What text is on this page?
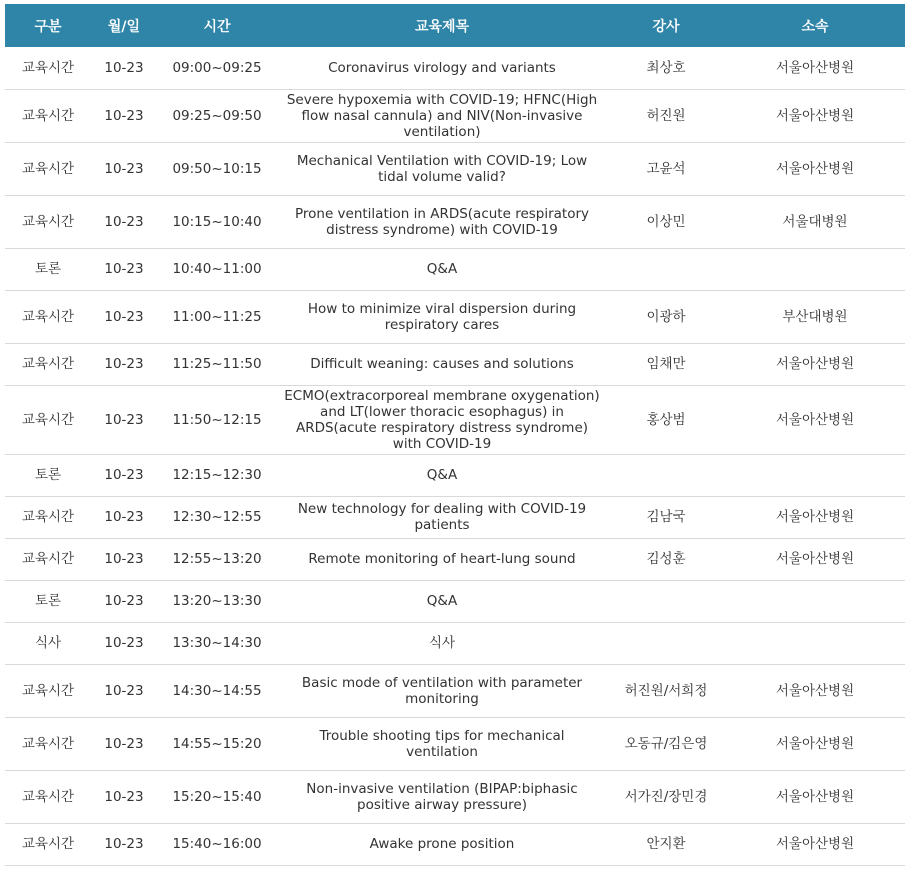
구분	월/일	시간	교육제목	강사	소속
교육시간	10-23	09:00~09:25	Coronavirus virology and variants	최상호	서울아산병원
교육시간	10-23	09:25~09:50	Severe hypoxemia with COVID-19; HFNC(High flow nasal cannula) and NIV(Non-invasive ventilation)	허진원	서울아산병원
교육시간	10-23	09:50~10:15	Mechanical Ventilation with COVID-19; Low tidal volume valid?	고윤석	서울아산병원
교육시간	10-23	10:15~10:40	Prone ventilation in ARDS(acute respiratory distress syndrome) with COVID-19	이상민	서울대병원
토론	10-23	10:40~11:00	Q&A		
교육시간	10-23	11:00~11:25	How to minimize viral dispersion during respiratory cares	이광하	부산대병원
교육시간	10-23	11:25~11:50	Difficult weaning: causes and solutions	임채만	서울아산병원
교육시간	10-23	11:50~12:15	ECMO(extracorporeal membrane oxygenation) and LT(lower thoracic esophagus) in ARDS(acute respiratory distress syndrome) with COVID-19	홍상범	서울아산병원
토론	10-23	12:15~12:30	Q&A		
교육시간	10-23	12:30~12:55	New technology for dealing with COVID-19 patients	김남국	서울아산병원
교육시간	10-23	12:55~13:20	Remote monitoring of heart-lung sound	김성훈	서울아산병원
토론	10-23	13:20~13:30	Q&A		
식사	10-23	13:30~14:30	식사		
교육시간	10-23	14:30~14:55	Basic mode of ventilation with parameter monitoring	허진원/서희정	서울아산병원
교육시간	10-23	14:55~15:20	Trouble shooting tips for mechanical ventilation	오동규/김은영	서울아산병원
교육시간	10-23	15:20~15:40	Non-invasive ventilation (BIPAP:biphasic positive airway pressure)	서가진/장민경	서울아산병원
교육시간	10-23	15:40~16:00	Awake prone position	안지환	서울아산병원
